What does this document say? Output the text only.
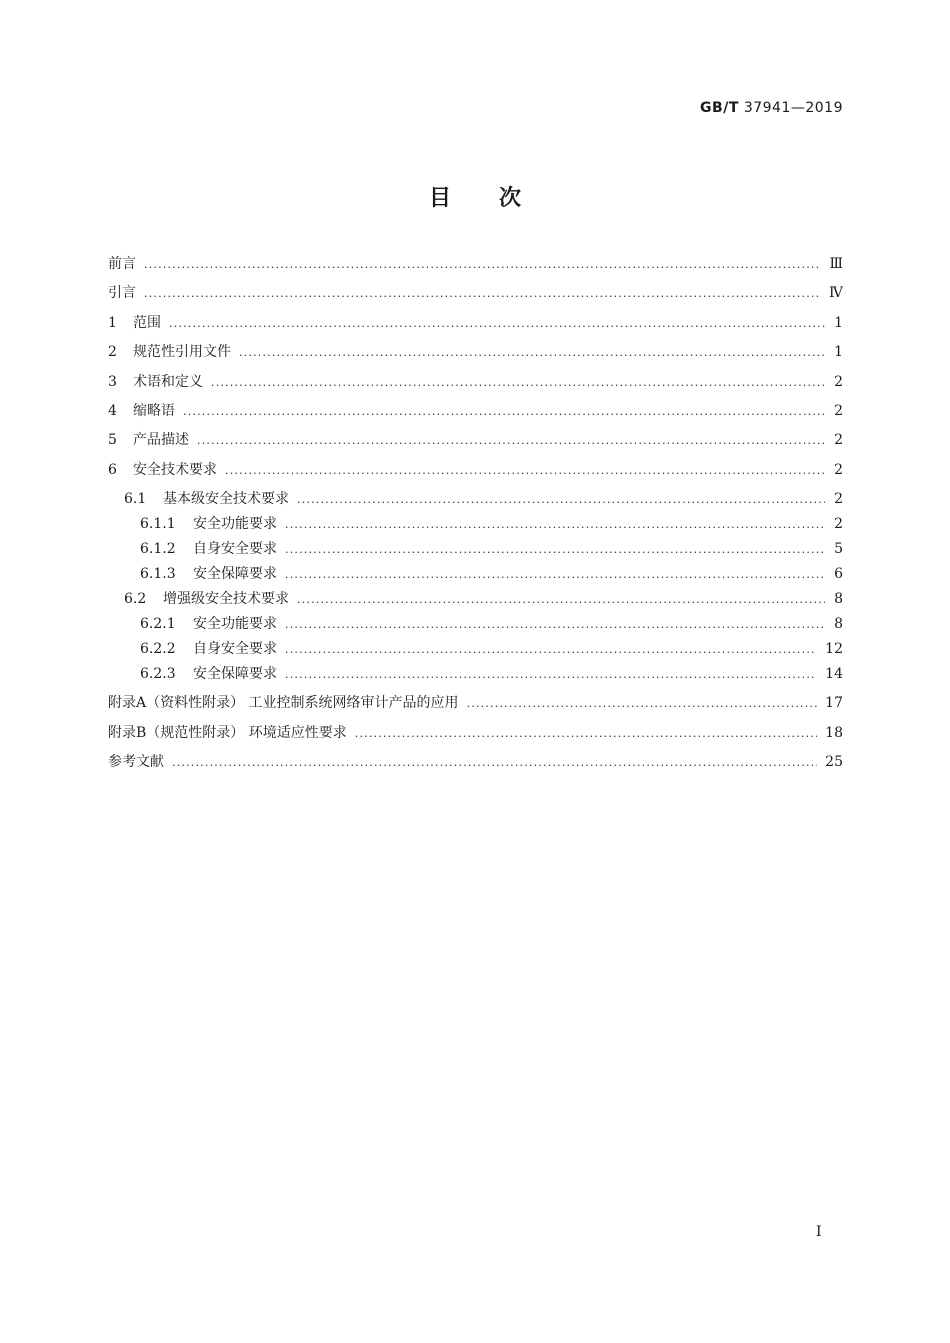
GB/T 37941—2019
目次
前言 .....	Ⅲ
引言 .....	Ⅳ
1	范围 .....	1
2	规范性引用文件 .....	1
3	术语和定义 .....	2
4	缩略语 .....	2
5	产品描述 .....	2
6	安全技术要求 .....	2
6.1	基本级安全技术要求 .....	2
6.1.1	安全功能要求 .....	2
6.1.2	自身安全要求 .....	5
6.1.3	安全保障要求 .....	6
6.2	增强级安全技术要求 .....	8
6.2.1	安全功能要求 .....	8
6.2.2	自身安全要求 .....	12
6.2.3	安全保障要求 .....	14
附录A（资料性附录） 工业控制系统网络审计产品的应用 .....	17
附录B（规范性附录） 环境适应性要求 .....	18
参考文献 .....	25
Ⅰ
